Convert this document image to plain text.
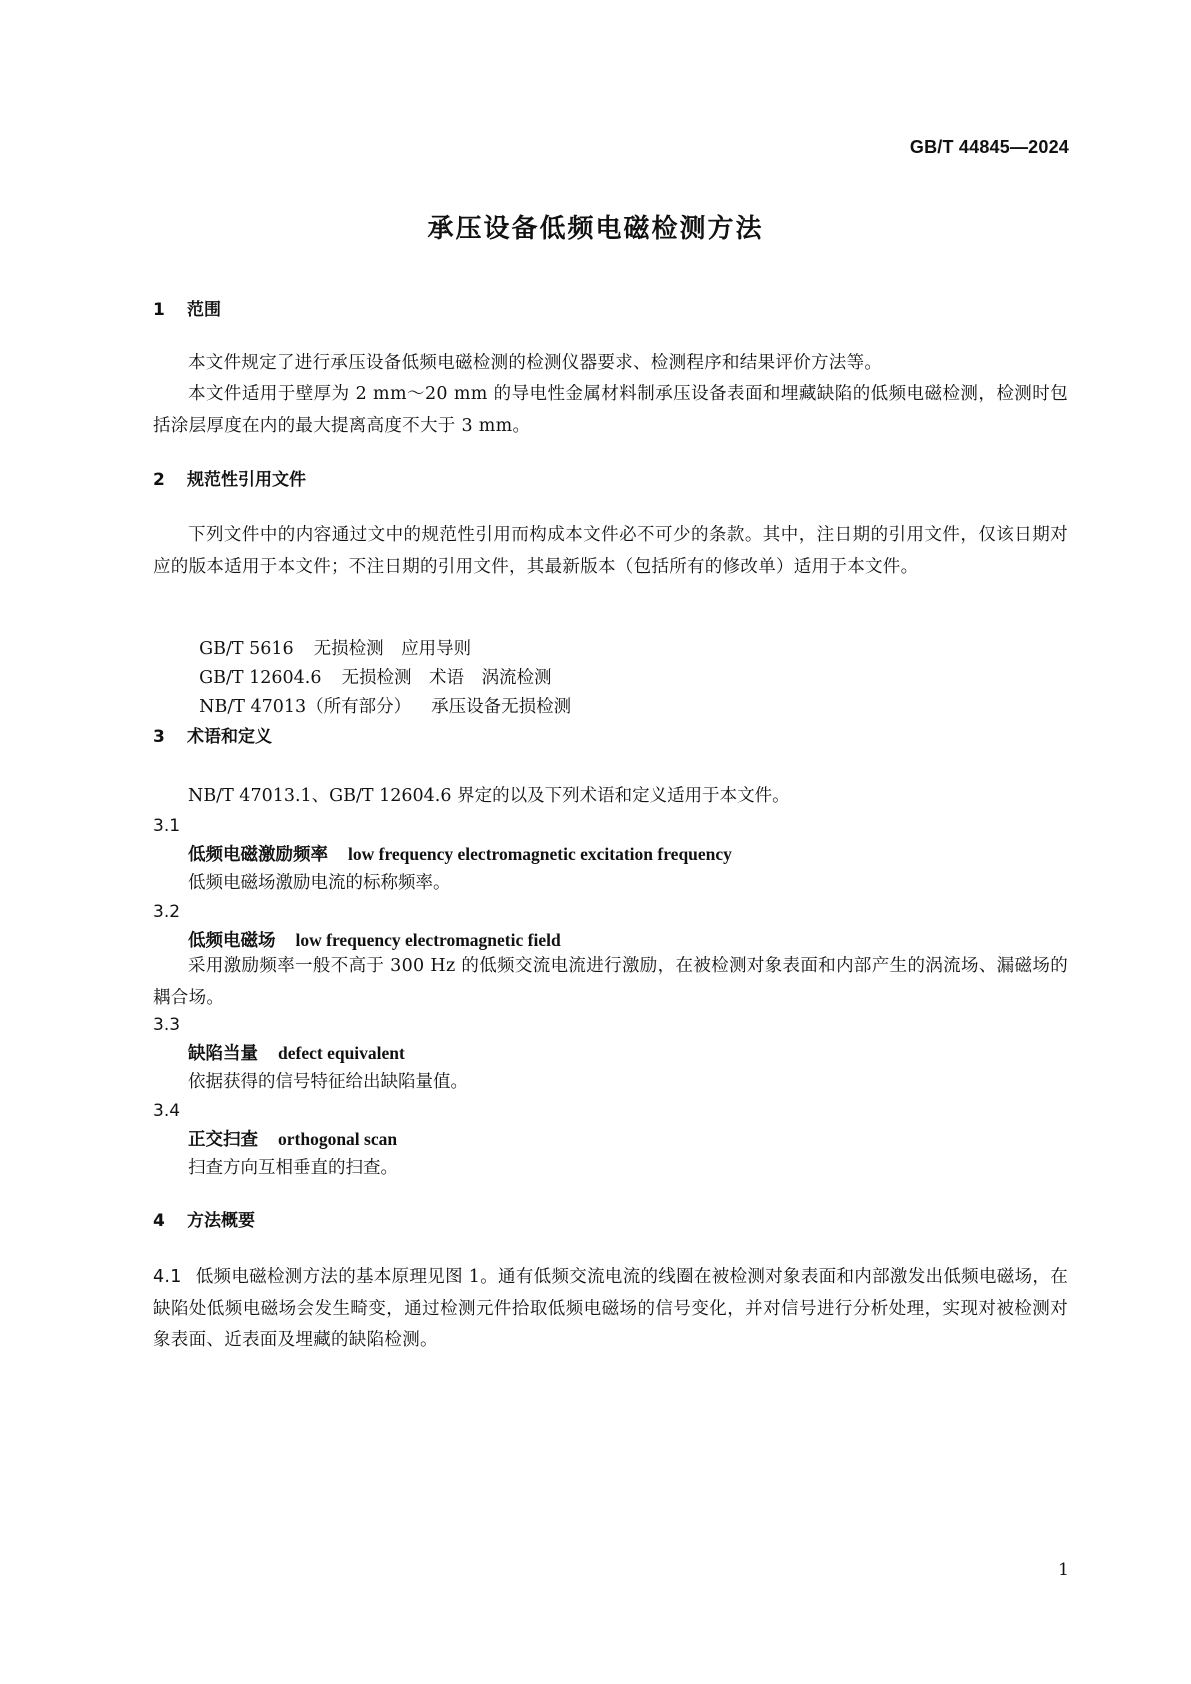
GB/T 44845—2024
承压设备低频电磁检测方法
1 范围

本文件规定了进行承压设备低频电磁检测的检测仪器要求、检测程序和结果评价方法等。

本文件适用于壁厚为 2 mm～20 mm 的导电性金属材料制承压设备表面和埋藏缺陷的低频电磁检测，检测时包括涂层厚度在内的最大提离高度不大于 3 mm。

2 规范性引用文件

下列文件中的内容通过文中的规范性引用而构成本文件必不可少的条款。其中，注日期的引用文件，仅该日期对应的版本适用于本文件；不注日期的引用文件，其最新版本（包括所有的修改单）适用于本文件。

GB/T 5616 无损检测　应用导则

GB/T 12604.6 无损检测　术语　涡流检测

NB/T 47013（所有部分） 承压设备无损检测

3 术语和定义
NB/T 47013.1、GB/T 12604.6 界定的以及下列术语和定义适用于本文件。
3.1
低频电磁激励频率 low frequency electromagnetic excitation frequency
低频电磁场激励电流的标称频率。
3.2
低频电磁场 low frequency electromagnetic field

采用激励频率一般不高于 300 Hz 的低频交流电流进行激励，在被检测对象表面和内部产生的涡流场、漏磁场的耦合场。

3.3
缺陷当量 defect equivalent
依据获得的信号特征给出缺陷量值。
3.4
正交扫查 orthogonal scan
扫查方向互相垂直的扫查。
4 方法概要

4.1 低频电磁检测方法的基本原理见图 1。通有低频交流电流的线圈在被检测对象表面和内部激发出低频电磁场，在缺陷处低频电磁场会发生畸变，通过检测元件拾取低频电磁场的信号变化，并对信号进行分析处理，实现对被检测对象表面、近表面及埋藏的缺陷检测。

1
